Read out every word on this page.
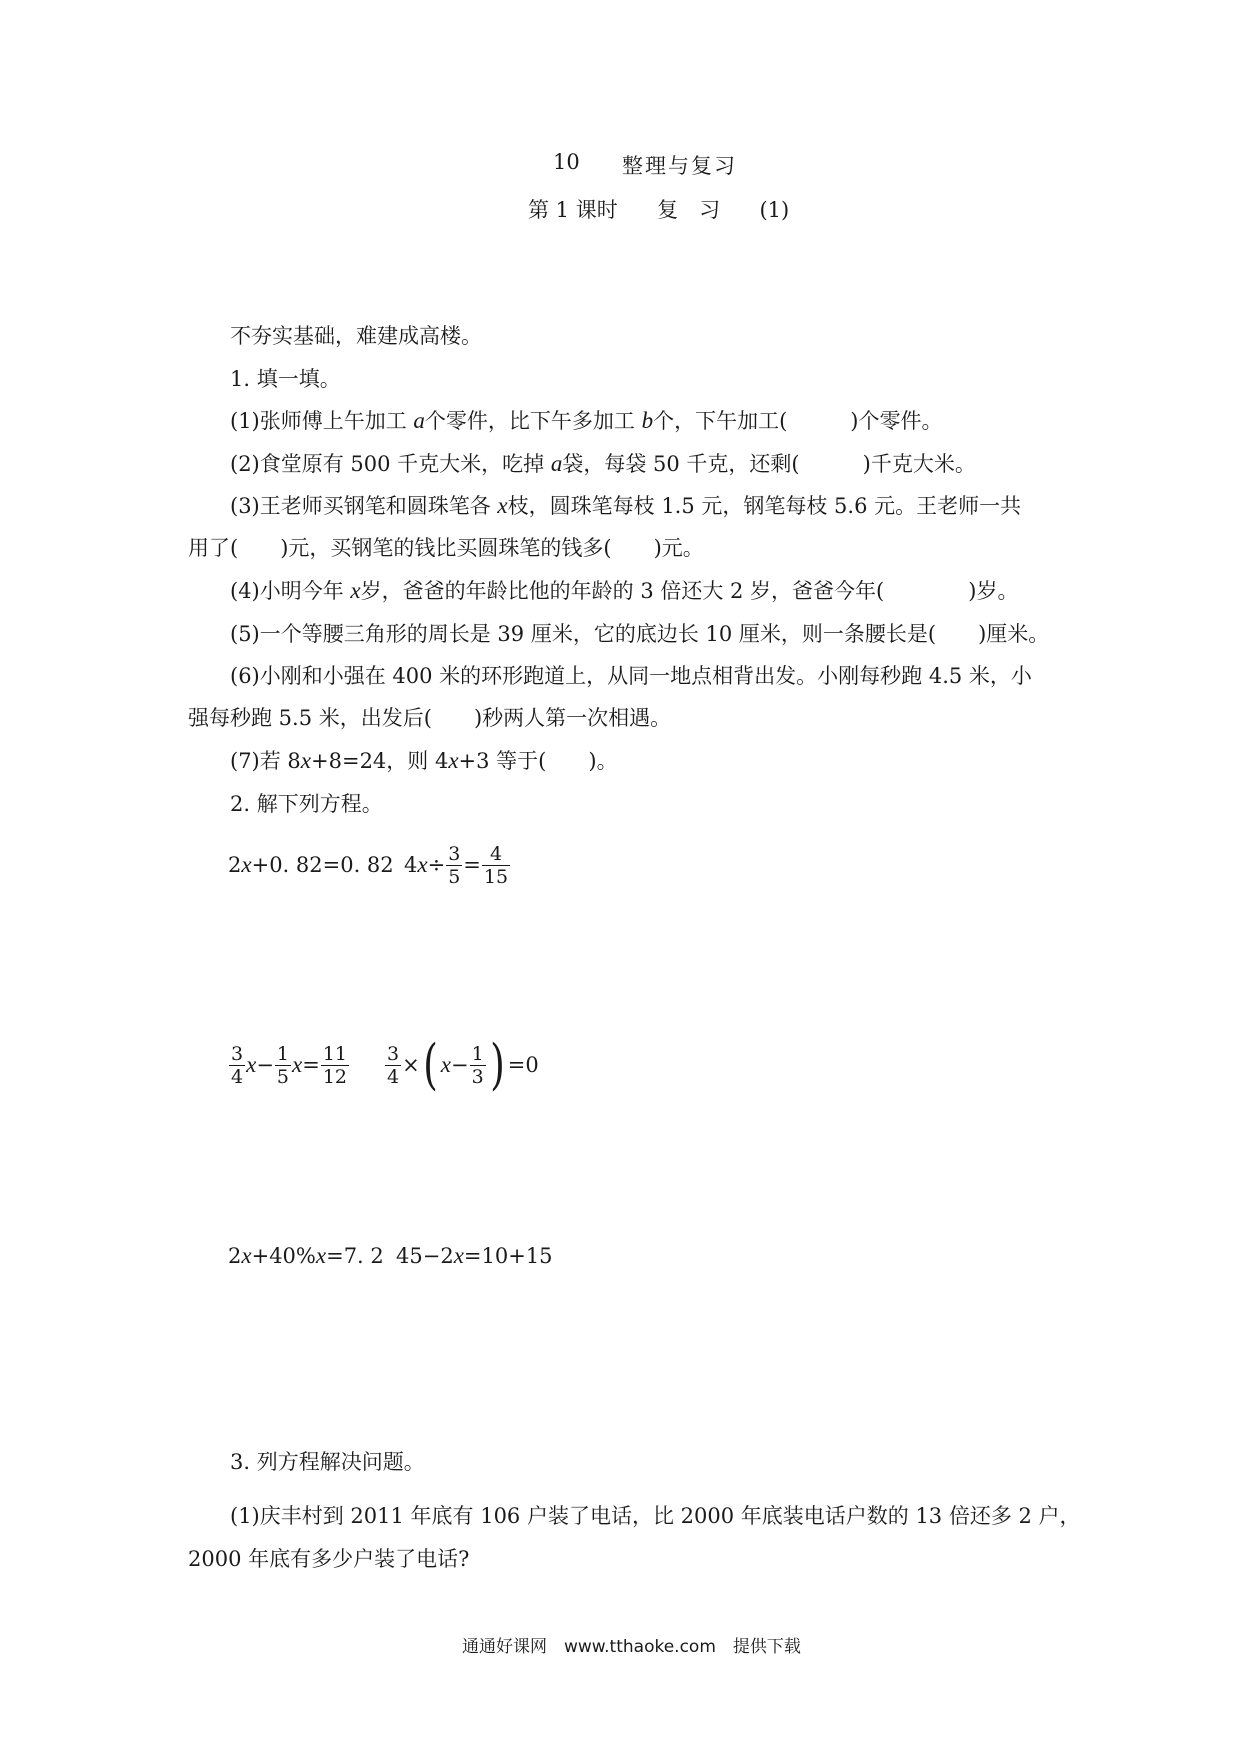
10 整理与复习
第 1 课时 复　习 (1)
不夯实基础，难建成高楼。
1. 填一填。
(1)张师傅上午加工 a个零件，比下午多加工 b个，下午加工(　　　)个零件。
(2)食堂原有 500 千克大米，吃掉 a袋，每袋 50 千克，还剩(　　　)千克大米。
(3)王老师买钢笔和圆珠笔各 x枝，圆珠笔每枝 1.5 元，钢笔每枝 5.6 元。王老师一共
用了(　　)元，买钢笔的钱比买圆珠笔的钱多(　　)元。
(4)小明今年 x岁，爸爸的年龄比他的年龄的 3 倍还大 2 岁，爸爸今年(　　　　)岁。
(5)一个等腰三角形的周长是 39 厘米，它的底边长 10 厘米，则一条腰长是(　　)厘米。
(6)小刚和小强在 400 米的环形跑道上，从同一地点相背出发。小刚每秒跑 4.5 米，小
强每秒跑 5.5 米，出发后(　　)秒两人第一次相遇。
(7)若 8x+8=24，则 4x+3 等于(　　)。
2. 解下列方程。
2 x +0. 82=0. 82 4 $x \div \frac{3}{5} = \frac{4}{15}$
$\frac{3}{4}$ $x - \frac{1}{5}$ $x = \frac{11}{12} \frac{3}{4}$ × ( $x - \frac{1}{3}$ ) =0
2 x +40% x =7. 2 45−2 x =10+15
3. 列方程解决问题。
(1)庆丰村到 2011 年底有 106 户装了电话，比 2000 年底装电话户数的 13 倍还多 2 户，
2000 年底有多少户装了电话?
通通好课网　www.tthaoke.com　提供下载
